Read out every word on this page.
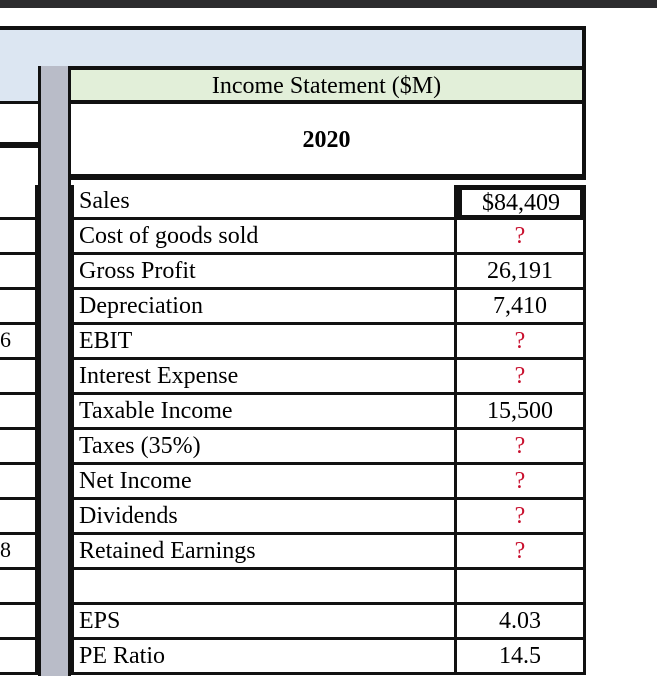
6
8
Income Statement ($M)
2020
Sales	$84,409
Cost of goods sold	?
Gross Profit	26,191
Depreciation	7,410
EBIT	?
Interest Expense	?
Taxable Income	15,500
Taxes (35%)	?
Net Income	?
Dividends	?
Retained Earnings	?
EPS	4.03
PE Ratio	14.5
